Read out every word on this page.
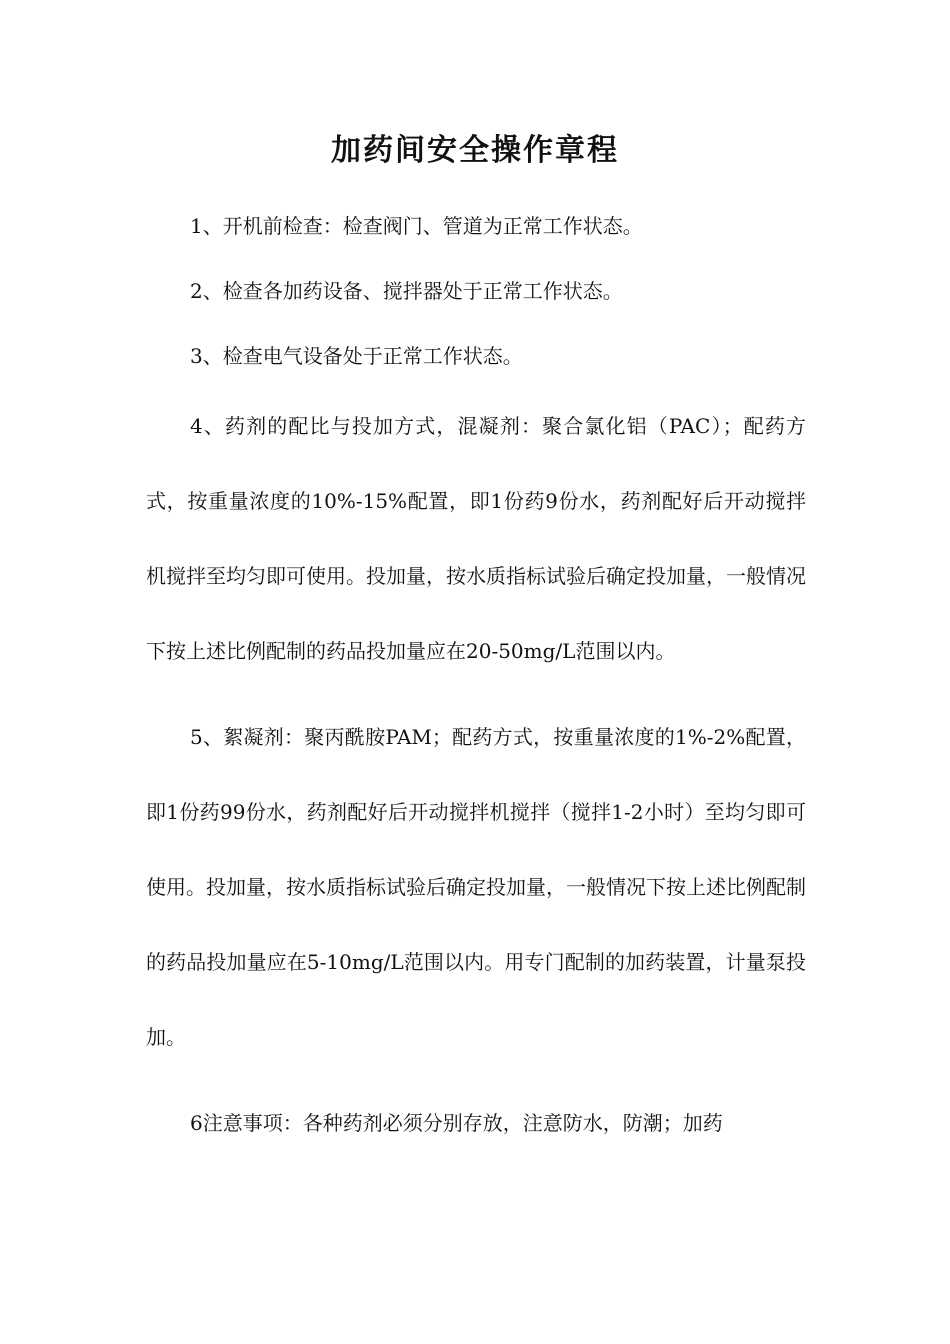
加药间安全操作章程

1、开机前检查：检查阀门、管道为正常工作状态。

2、检查各加药设备、搅拌器处于正常工作状态。

3、检查电气设备处于正常工作状态。

4、药剂的配比与投加方式，混凝剂：聚合氯化铝（PAC）；配药方式，按重量浓度的10%-15%配置，即1份药9份水，药剂配好后开动搅拌机搅拌至均匀即可使用。投加量，按水质指标试验后确定投加量，一般情况下按上述比例配制的药品投加量应在20-50mg/L范围以内。

5、絮凝剂：聚丙酰胺PAM；配药方式，按重量浓度的1%-2%配置，即1份药99份水，药剂配好后开动搅拌机搅拌（搅拌1-2小时）至均匀即可使用。投加量，按水质指标试验后确定投加量，一般情况下按上述比例配制的药品投加量应在5-10mg/L范围以内。用专门配制的加药装置，计量泵投加。

6注意事项：各种药剂必须分别存放，注意防水，防潮；加药
